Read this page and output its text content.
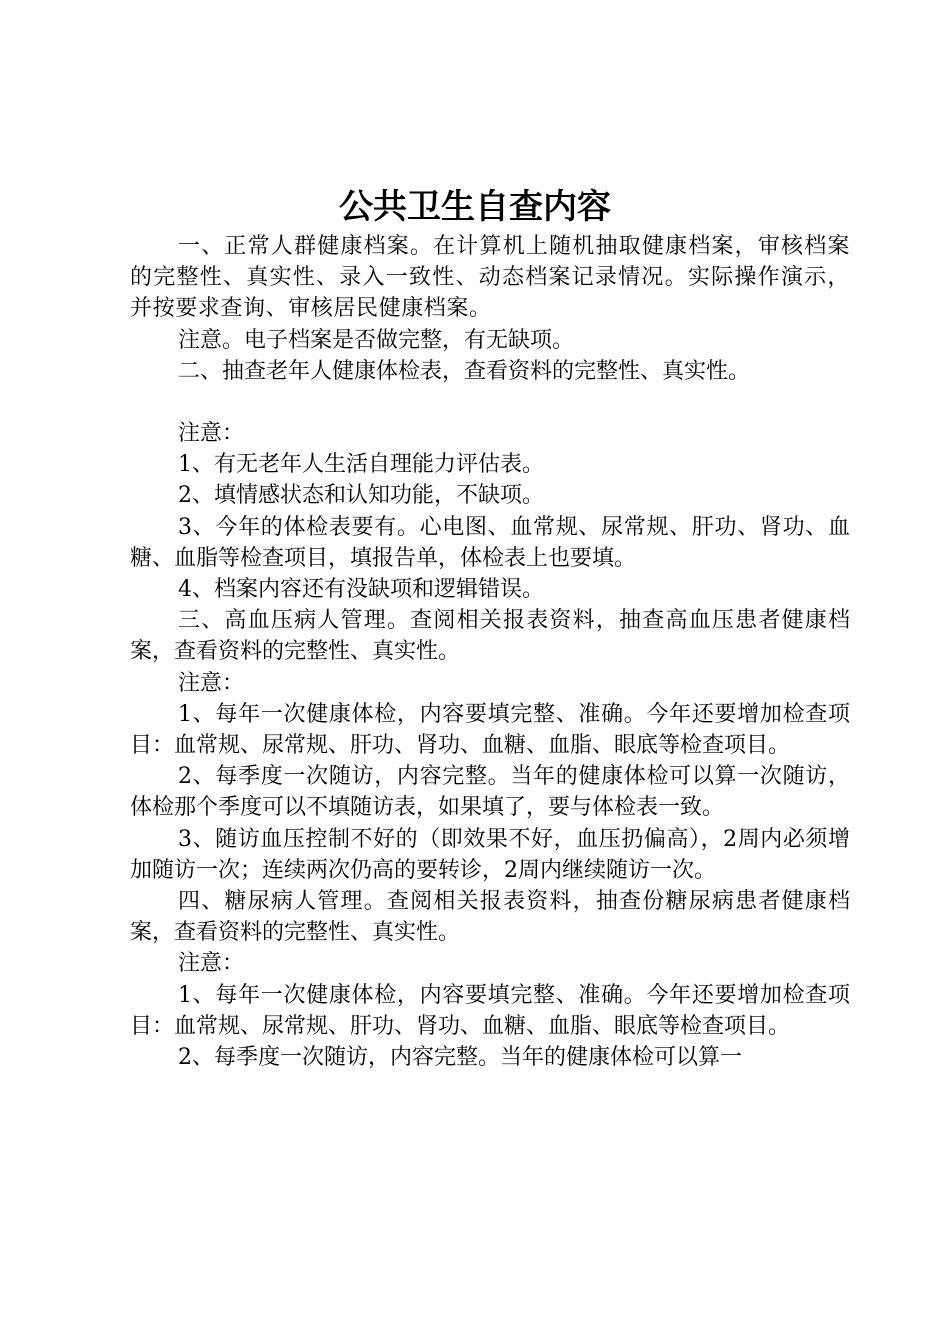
公共卫生自查内容

一、正常人群健康档案。在计算机上随机抽取健康档案，审核档案的完整性、真实性、录入一致性、动态档案记录情况。实际操作演示，并按要求查询、审核居民健康档案。

注意。电子档案是否做完整，有无缺项。

二、抽查老年人健康体检表，查看资料的完整性、真实性。

注意：

1、有无老年人生活自理能力评估表。

2、填情感状态和认知功能，不缺项。

3、今年的体检表要有。心电图、血常规、尿常规、肝功、肾功、血糖、血脂等检查项目，填报告单，体检表上也要填。

4、档案内容还有没缺项和逻辑错误。

三、高血压病人管理。查阅相关报表资料，抽查高血压患者健康档案，查看资料的完整性、真实性。

注意：

1、每年一次健康体检，内容要填完整、准确。今年还要增加检查项目：血常规、尿常规、肝功、肾功、血糖、血脂、眼底等检查项目。

2、每季度一次随访，内容完整。当年的健康体检可以算一次随访，体检那个季度可以不填随访表，如果填了，要与体检表一致。

3、随访血压控制不好的（即效果不好，血压扔偏高），2周内必须增加随访一次；连续两次仍高的要转诊，2周内继续随访一次。

四、糖尿病人管理。查阅相关报表资料，抽查份糖尿病患者健康档案，查看资料的完整性、真实性。

注意：

1、每年一次健康体检，内容要填完整、准确。今年还要增加检查项目：血常规、尿常规、肝功、肾功、血糖、血脂、眼底等检查项目。

2、每季度一次随访，内容完整。当年的健康体检可以算一
